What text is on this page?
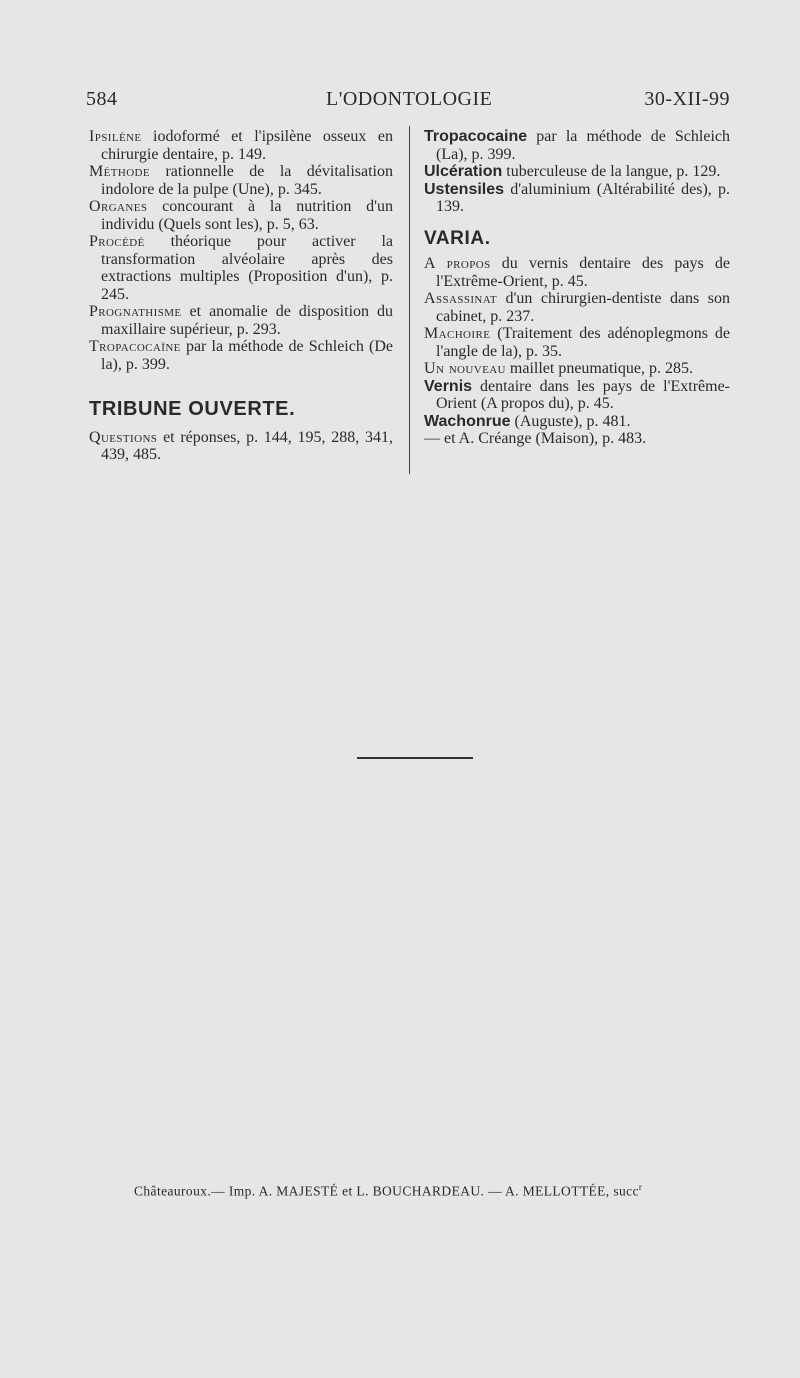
584	L'ODONTOLOGIE	30-XII-99

Ipsilène iodoformé et l'ipsilène osseux en chirurgie dentaire, p. 149.

Méthode rationnelle de la dévitalisation indolore de la pulpe (Une), p. 345.

Organes concourant à la nutrition d'un individu (Quels sont les), p. 5, 63.

Procédé théorique pour activer la transformation alvéolaire après des extractions multiples (Proposition d'un), p. 245.

Prognathisme et anomalie de disposition du maxillaire supérieur, p. 293.

Tropacocaïne par la méthode de Schleich (De la), p. 399.

TRIBUNE OUVERTE.

Questions et réponses, p. 144, 195, 288, 341, 439, 485.

Tropacocaine par la méthode de Schleich (La), p. 399.

Ulcération tuberculeuse de la langue, p. 129.

Ustensiles d'aluminium (Altérabilité des), p. 139.

VARIA.

A propos du vernis dentaire des pays de l'Extrême-Orient, p. 45.

Assassinat d'un chirurgien-dentiste dans son cabinet, p. 237.

Machoire (Traitement des adénoplegmons de l'angle de la), p. 35.

Un nouveau maillet pneumatique, p. 285.

Vernis dentaire dans les pays de l'Extrême-Orient (A propos du), p. 45.

Wachonrue (Auguste), p. 481.

— et A. Créange (Maison), p. 483.

Châteauroux.— Imp. A. MAJESTÉ et L. BOUCHARDEAU. — A. MELLOTTÉE, succ$^r$
